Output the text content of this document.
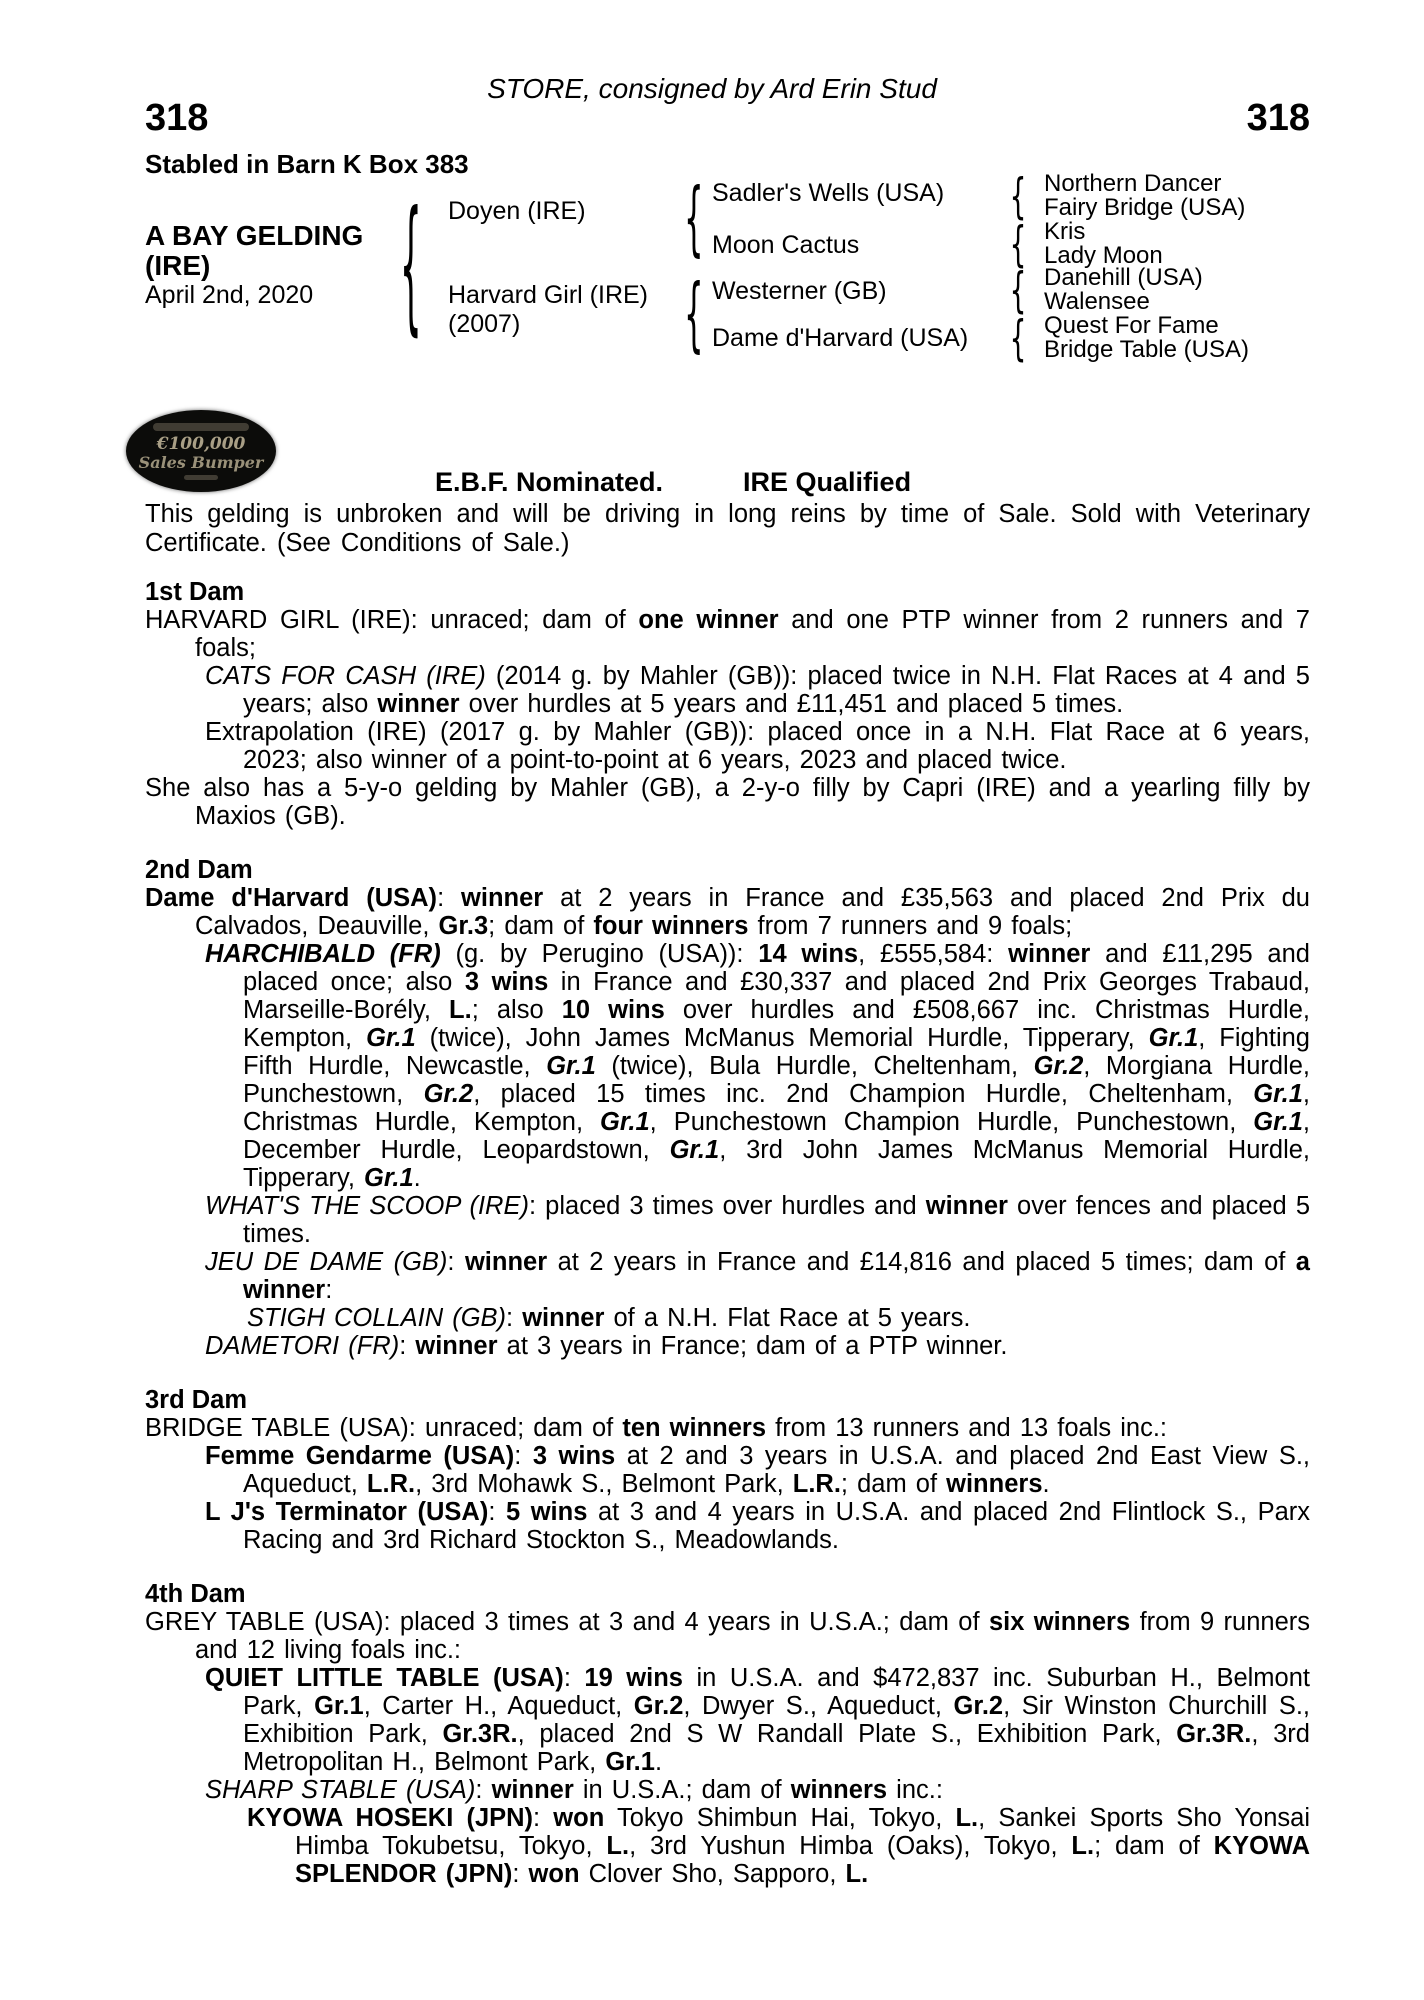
STORE, consigned by Ard Erin Stud
318	318
Stabled in Barn K Box 383
A BAY GELDING
(IRE)
April 2nd, 2020 { Doyen (IRE)
Harvard Girl (IRE)
(2007)
{
{
Sadler's Wells (USA)
Moon Cactus
Westerner (GB)
Dame d'Harvard (USA)
{
{
{
{
Northern Dancer
Fairy Bridge (USA)
Kris
Lady Moon
Danehill (USA)
Walensee
Quest For Fame
Bridge Table (USA)
€100,000
Sales Bumper
E.B.F. Nominated.	IRE Qualified
This gelding is unbroken and will be driving in long reins by time of Sale. Sold with Veterinary Certificate. (See Conditions of Sale.)
1st Dam

HARVARD GIRL (IRE): unraced; dam of one winner and one PTP winner from 2 runners and 7 foals;

CATS FOR CASH (IRE) (2014 g. by Mahler (GB)): placed twice in N.H. Flat Races at 4 and 5 years; also winner over hurdles at 5 years and £11,451 and placed 5 times.

Extrapolation (IRE) (2017 g. by Mahler (GB)): placed once in a N.H. Flat Race at 6 years, 2023; also winner of a point-to-point at 6 years, 2023 and placed twice.

She also has a 5-y-o gelding by Mahler (GB), a 2-y-o filly by Capri (IRE) and a yearling filly by Maxios (GB).

2nd Dam

Dame d'Harvard (USA): winner at 2 years in France and £35,563 and placed 2nd Prix du Calvados, Deauville, Gr.3; dam of four winners from 7 runners and 9 foals;

HARCHIBALD (FR) (g. by Perugino (USA)): 14 wins, £555,584: winner and £11,295 and placed once; also 3 wins in France and £30,337 and placed 2nd Prix Georges Trabaud, Marseille-Borély, L.; also 10 wins over hurdles and £508,667 inc. Christmas Hurdle, Kempton, Gr.1 (twice), John James McManus Memorial Hurdle, Tipperary, Gr.1, Fighting Fifth Hurdle, Newcastle, Gr.1 (twice), Bula Hurdle, Cheltenham, Gr.2, Morgiana Hurdle, Punchestown, Gr.2, placed 15 times inc. 2nd Champion Hurdle, Cheltenham, Gr.1, Christmas Hurdle, Kempton, Gr.1, Punchestown Champion Hurdle, Punchestown, Gr.1, December Hurdle, Leopardstown, Gr.1, 3rd John James McManus Memorial Hurdle, Tipperary, Gr.1.

WHAT'S THE SCOOP (IRE): placed 3 times over hurdles and winner over fences and placed 5 times.

JEU DE DAME (GB): winner at 2 years in France and £14,816 and placed 5 times; dam of a winner:

STIGH COLLAIN (GB): winner of a N.H. Flat Race at 5 years.

DAMETORI (FR): winner at 3 years in France; dam of a PTP winner.

3rd Dam

BRIDGE TABLE (USA): unraced; dam of ten winners from 13 runners and 13 foals inc.:

Femme Gendarme (USA): 3 wins at 2 and 3 years in U.S.A. and placed 2nd East View S., Aqueduct, L.R., 3rd Mohawk S., Belmont Park, L.R.; dam of winners.

L J's Terminator (USA): 5 wins at 3 and 4 years in U.S.A. and placed 2nd Flintlock S., Parx Racing and 3rd Richard Stockton S., Meadowlands.

4th Dam

GREY TABLE (USA): placed 3 times at 3 and 4 years in U.S.A.; dam of six winners from 9 runners and 12 living foals inc.:

QUIET LITTLE TABLE (USA): 19 wins in U.S.A. and $472,837 inc. Suburban H., Belmont Park, Gr.1, Carter H., Aqueduct, Gr.2, Dwyer S., Aqueduct, Gr.2, Sir Winston Churchill S., Exhibition Park, Gr.3R., placed 2nd S W Randall Plate S., Exhibition Park, Gr.3R., 3rd Metropolitan H., Belmont Park, Gr.1.

SHARP STABLE (USA): winner in U.S.A.; dam of winners inc.:

KYOWA HOSEKI (JPN): won Tokyo Shimbun Hai, Tokyo, L., Sankei Sports Sho Yonsai Himba Tokubetsu, Tokyo, L., 3rd Yushun Himba (Oaks), Tokyo, L.; dam of KYOWA SPLENDOR (JPN): won Clover Sho, Sapporo, L.
